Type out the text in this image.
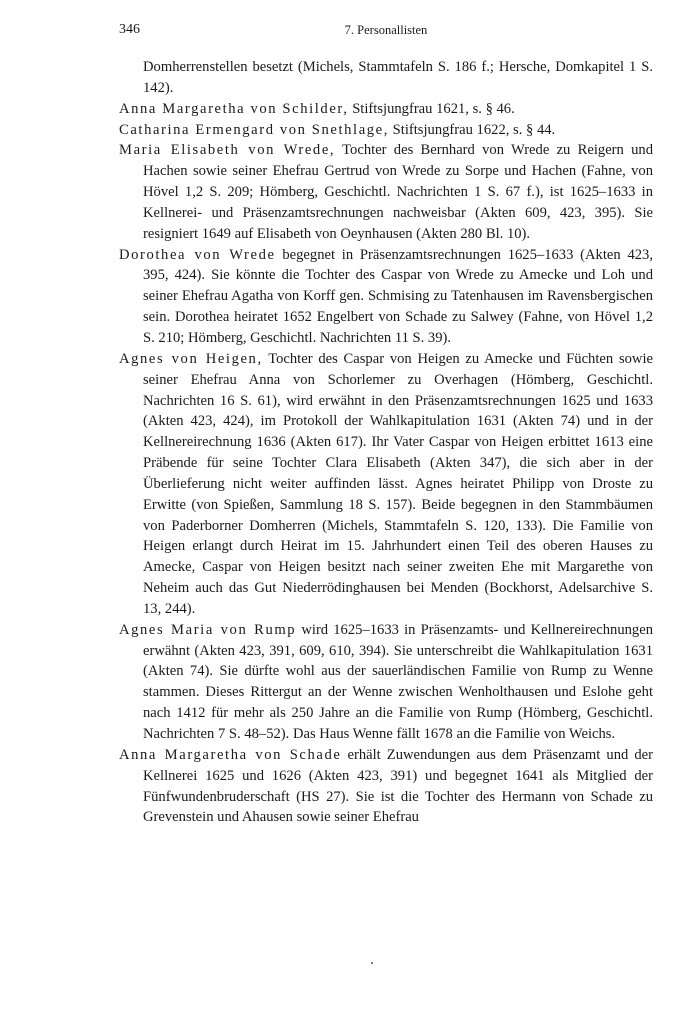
346	7. Personallisten

Domherrenstellen besetzt (Michels, Stammtafeln S. 186 f.; Hersche, Domkapitel 1 S. 142).

Anna Margaretha von Schilder, Stiftsjungfrau 1621, s. § 46.

Catharina Ermengard von Snethlage, Stiftsjungfrau 1622, s. § 44.

Maria Elisabeth von Wrede, Tochter des Bernhard von Wrede zu Reigern und Hachen sowie seiner Ehefrau Gertrud von Wrede zu Sorpe und Hachen (Fahne, von Hövel 1,2 S. 209; Hömberg, Geschichtl. Nachrichten 1 S. 67 f.), ist 1625–1633 in Kellnerei- und Präsenzamtsrechnungen nachweisbar (Akten 609, 423, 395). Sie resigniert 1649 auf Elisabeth von Oeynhausen (Akten 280 Bl. 10).

Dorothea von Wrede begegnet in Präsenzamtsrechnungen 1625–1633 (Akten 423, 395, 424). Sie könnte die Tochter des Caspar von Wrede zu Amecke und Loh und seiner Ehefrau Agatha von Korff gen. Schmising zu Tatenhausen im Ravensbergischen sein. Dorothea heiratet 1652 Engelbert von Schade zu Salwey (Fahne, von Hövel 1,2 S. 210; Hömberg, Geschichtl. Nachrichten 11 S. 39).

Agnes von Heigen, Tochter des Caspar von Heigen zu Amecke und Füchten sowie seiner Ehefrau Anna von Schorlemer zu Overhagen (Hömberg, Geschichtl. Nachrichten 16 S. 61), wird erwähnt in den Präsenzamtsrechnungen 1625 und 1633 (Akten 423, 424), im Protokoll der Wahlkapitulation 1631 (Akten 74) und in der Kellnereirechnung 1636 (Akten 617). Ihr Vater Caspar von Heigen erbittet 1613 eine Präbende für seine Tochter Clara Elisabeth (Akten 347), die sich aber in der Überlieferung nicht weiter auffinden lässt. Agnes heiratet Philipp von Droste zu Erwitte (von Spießen, Sammlung 18 S. 157). Beide begegnen in den Stammbäumen von Paderborner Domherren (Michels, Stammtafeln S. 120, 133). Die Familie von Heigen erlangt durch Heirat im 15. Jahrhundert einen Teil des oberen Hauses zu Amecke, Caspar von Heigen besitzt nach seiner zweiten Ehe mit Margarethe von Neheim auch das Gut Niederrödinghausen bei Menden (Bockhorst, Adelsarchive S. 13, 244).

Agnes Maria von Rump wird 1625–1633 in Präsenzamts- und Kellnereirechnungen erwähnt (Akten 423, 391, 609, 610, 394). Sie unterschreibt die Wahlkapitulation 1631 (Akten 74). Sie dürfte wohl aus der sauerländischen Familie von Rump zu Wenne stammen. Dieses Rittergut an der Wenne zwischen Wenholthausen und Eslohe geht nach 1412 für mehr als 250 Jahre an die Familie von Rump (Hömberg, Geschichtl. Nachrichten 7 S. 48–52). Das Haus Wenne fällt 1678 an die Familie von Weichs.

Anna Margaretha von Schade erhält Zuwendungen aus dem Präsenzamt und der Kellnerei 1625 und 1626 (Akten 423, 391) und begegnet 1641 als Mitglied der Fünfwundenbruderschaft (HS 27). Sie ist die Tochter des Hermann von Schade zu Grevenstein und Ahausen sowie seiner Ehefrau
